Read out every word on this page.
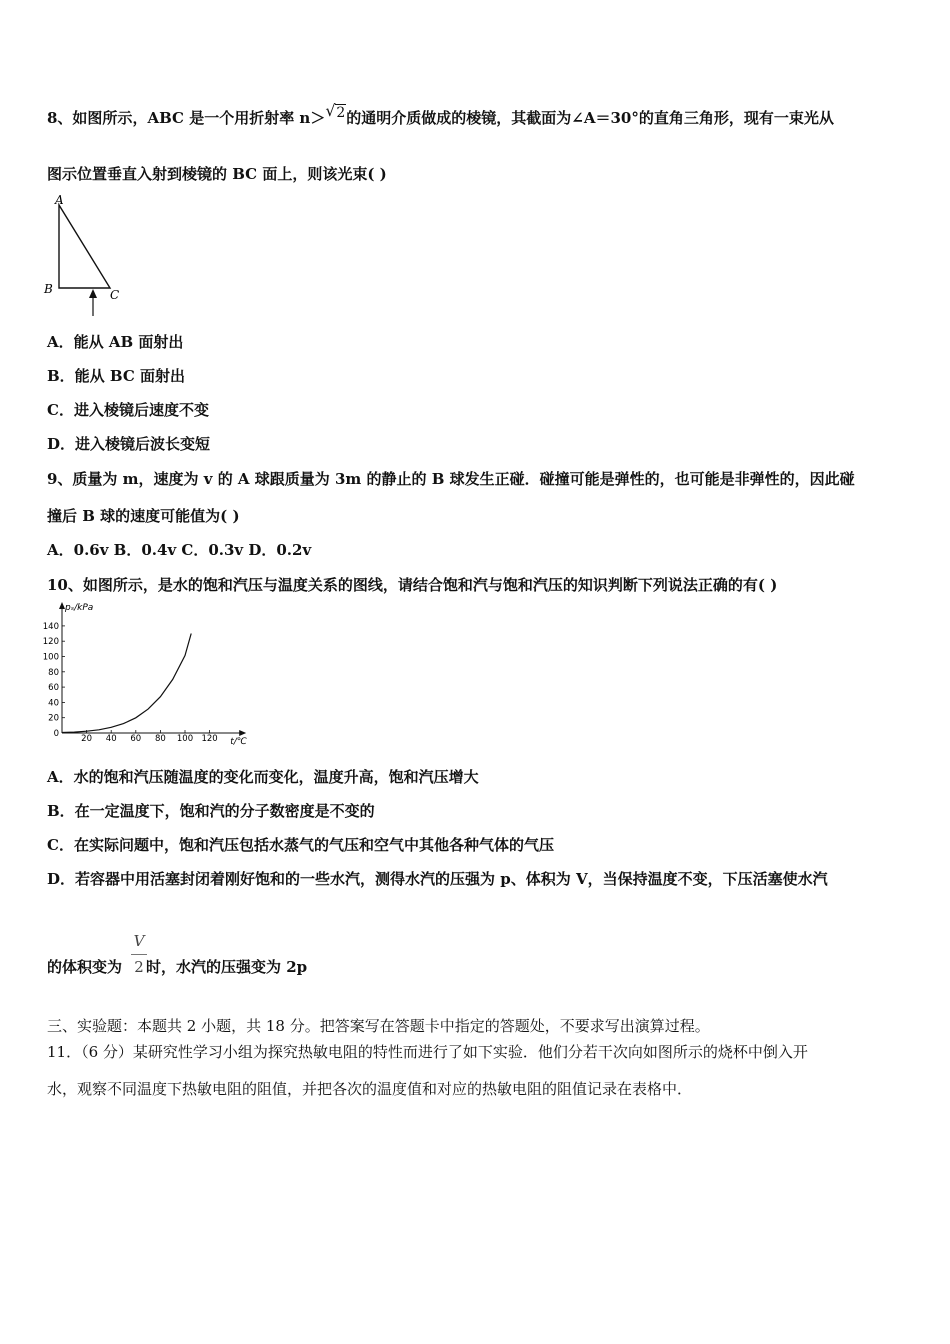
8、如图所示，ABC 是一个用折射率 n＞ √ 2的通明介质做成的棱镜，其截面为∠A＝30°的直角三角形，现有一束光从
图示位置垂直入射到棱镜的 BC 面上，则该光束( )
A
B	C
A．能从 AB 面射出
B．能从 BC 面射出
C．进入棱镜后速度不变
D．进入棱镜后波长变短
9、质量为 m，速度为 v 的 A 球跟质量为 3m 的静止的 B 球发生正碰．碰撞可能是弹性的，也可能是非弹性的，因此碰
撞后 B 球的速度可能值为( )
A．0.6v B．0.4v C．0.3v D．0.2v
10、如图所示，是水的饱和汽压与温度关系的图线，请结合饱和汽与饱和汽压的知识判断下列说法正确的有( )
t/℃
pₛ/kPa
20 40 60 80 100 120
140
120
100
80
60
40
20
0
A．水的饱和汽压随温度的变化而变化，温度升高，饱和汽压增大
B．在一定温度下，饱和汽的分子数密度是不变的
C．在实际问题中，饱和汽压包括水蒸气的气压和空气中其他各种气体的气压
D．若容器中用活塞封闭着刚好饱和的一些水汽，测得水汽的压强为 p、体积为 V，当保持温度不变，下压活塞使水汽
的体积变为 时，水汽的压强变为 2p
V
2
三、实验题：本题共 2 小题，共 18 分。把答案写在答题卡中指定的答题处，不要求写出演算过程。
11．（6 分）某研究性学习小组为探究热敏电阻的特性而进行了如下实验．他们分若干次向如图所示的烧杯中倒入开
水，观察不同温度下热敏电阻的阻值，并把各次的温度值和对应的热敏电阻的阻值记录在表格中．
